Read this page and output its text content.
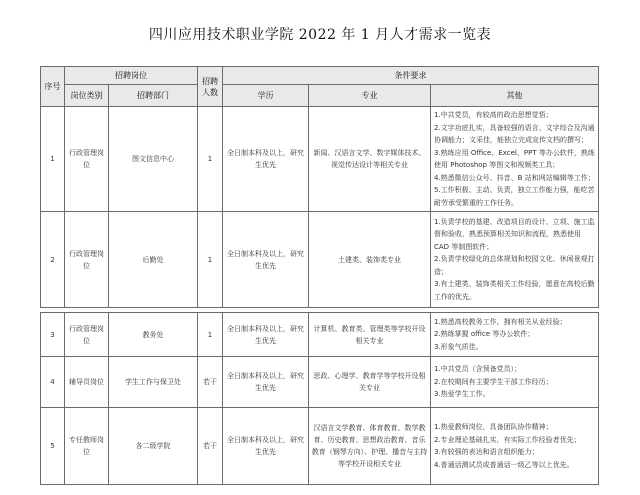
四川应用技术职业学院 2022 年 1 月人才需求一览表
序号	招聘岗位		招聘人数	条件要求		
	岗位类别	招聘部门		学历	专业	其他
1	行政管理岗位	图文信息中心	1	全日制本科及以上，研究生优先	新闻、汉语言文学、数字媒体技术、视觉传达设计等相关专业	1.中共党员，有较高的政治思想觉悟；
2.文字功底扎实，具备较强的语言、文字综合及沟通协调能力；文采佳，能独立完成宣传文档的撰写；
3.熟练应用 Office、Excel、PPT 等办公软件，熟练使用 Photoshop 等图文和视频类工具；
4.熟悉微信公众号、抖音、B 站和网站编辑等工作；
5.工作积极、主动、负责，独立工作能力强，能吃苦耐劳承受繁重的工作任务。

2	行政管理岗位	后勤处	1	全日制本科及以上，研究生优先	土建类、装饰类专业	1.负责学校的基建、改造项目的设计、立项、施工监督和验收，熟悉预算相关知识和流程，熟悉使用 CAD 等制图软件；
2.负责学校绿化的总体规划和校园文化、休闲景观打造；
3.有土建类、装饰类相关工作经验，愿意在高校后勤工作的优先。
3	行政管理岗位	教务处	1	全日制本科及以上，研究生优先	计算机、教育类、管理类等学校开设相关专业	1.熟悉高校教务工作，拥有相关从业经验；
2.熟练掌握 office 等办公软件；
3.形象气质佳。

4	辅导员岗位	学生工作与保卫处	若干	全日制本科及以上，研究生优先	思政、心理学、教育学等学校开设相关专业	1.中共党员（含预备党员）；
2.在校期间有主要学生干部工作经历；
3.热爱学生工作。

5	专任教师岗位	各二级学院	若干	全日制本科及以上，研究生优先	汉语言文学教育、体育教育、数学教育、历史教育、思想政治教育、音乐教育（钢琴方向）、护理、播音与主持等学校开设相关专业	1.热爱教师岗位，具备团队协作精神；
2.专业理论基础扎实，有实际工作经验者优先；
3.有较强的表达和语言组织能力；
4.普通话测试员或普通话一级乙等以上优先。
